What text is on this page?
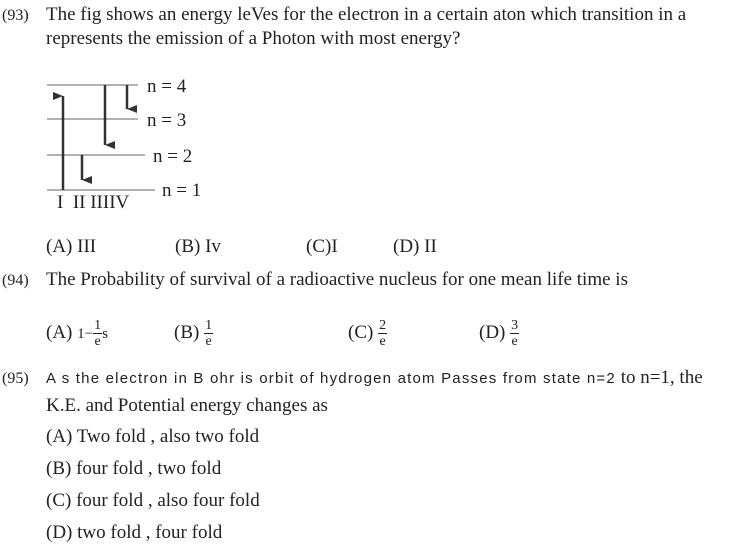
(93) The fig shows an energy leVes for the electron in a certain aton which transition in a
represents the emission of a Photon with most energy?
n = 4
n = 3
n = 2
n = 1
I  II IIIIV
(A) III	(B) Iv	(C)I	(D) II
(94) The Probability of survival of a radioactive nucleus for one mean life time is
(A) $1- \frac{1}{e}$ s	$(B) \frac{1}{e}$	$(C) \frac{2}{e}$	$(D) \frac{3}{e}$
(95) A s the electron in B ohr is orbit of hydrogen atom Passes from state n=2 to n=1, the
K.E. and Potential energy changes as
(A) Two fold , also two fold
(B) four fold , two fold
(C) four fold , also four fold
(D) two fold , four fold
